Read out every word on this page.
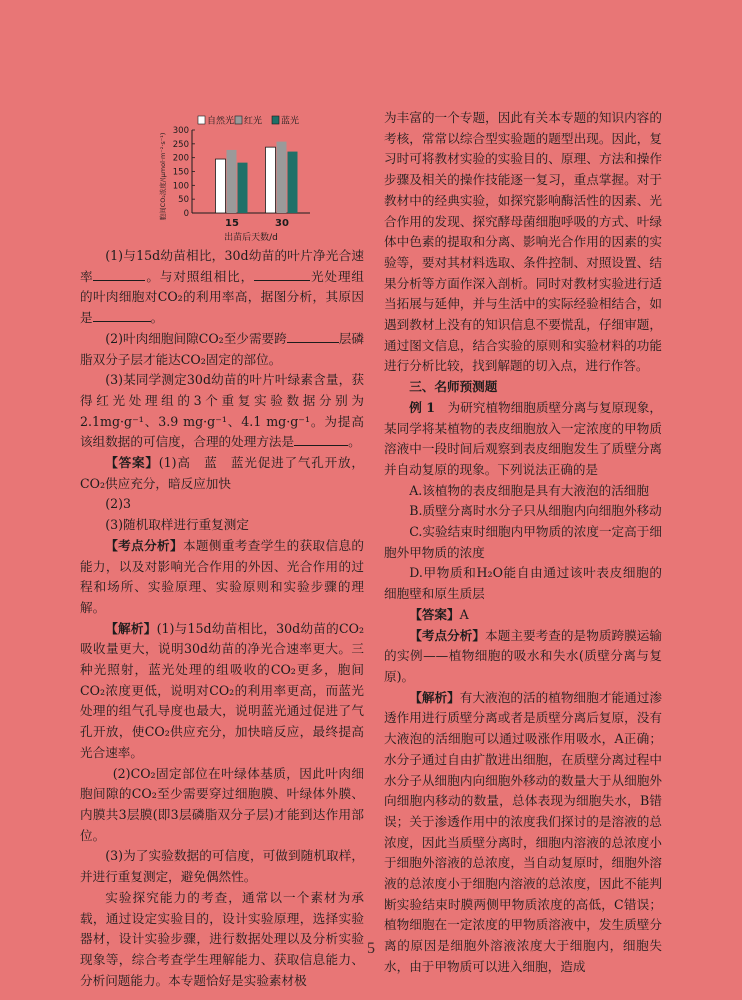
0
50
100
150
200
250
300
胞间CO₂浓度/(μmol·m⁻²·s⁻¹)
15	30
出苗后天数/d
自然光 红光 蓝光

(1)与15d幼苗相比，30d幼苗的叶片净光合速率	。与对照组相比，	光处理组的叶肉细胞对CO₂的利用率高，据图分析，其原因是	。

(2)叶肉细胞间隙CO₂至少需要跨	层磷脂双分子层才能达CO₂固定的部位。

(3)某同学测定30d幼苗的叶片叶绿素含量，获得红光处理组的3个重复实验数据分别为2.1mg·g⁻¹、3.9 mg·g⁻¹、4.1 mg·g⁻¹。为提高该组数据的可信度，合理的处理方法是	。

【答案】(1)高　蓝　蓝光促进了气孔开放，CO₂供应充分，暗反应加快

(2)3

(3)随机取样进行重复测定

【考点分析】本题侧重考查学生的获取信息的能力，以及对影响光合作用的外因、光合作用的过程和场所、实验原理、实验原则和实验步骤的理解。

【解析】(1)与15d幼苗相比，30d幼苗的CO₂吸收量更大，说明30d幼苗的净光合速率更大。三种光照射，蓝光处理的组吸收的CO₂更多，胞间CO₂浓度更低，说明对CO₂的利用率更高，而蓝光处理的组气孔导度也最大，说明蓝光通过促进了气孔开放，使CO₂供应充分，加快暗反应，最终提高光合速率。

(2)CO₂固定部位在叶绿体基质，因此叶肉细胞间隙的CO₂至少需要穿过细胞膜、叶绿体外膜、内膜共3层膜(即3层磷脂双分子层)才能到达作用部位。

(3)为了实验数据的可信度，可做到随机取样，并进行重复测定，避免偶然性。

实验探究能力的考查，通常以一个素材为承载，通过设定实验目的，设计实验原理，选择实验器材，设计实验步骤，进行数据处理以及分析实验现象等，综合考查学生理解能力、获取信息能力、分析问题能力。本专题恰好是实验素材极

为丰富的一个专题，因此有关本专题的知识内容的考核，常常以综合型实验题的题型出现。因此，复习时可将教材实验的实验目的、原理、方法和操作步骤及相关的操作技能逐一复习，重点掌握。对于教材中的经典实验，如探究影响酶活性的因素、光合作用的发现、探究酵母菌细胞呼吸的方式、叶绿体中色素的提取和分离、影响光合作用的因素的实验等，要对其材料选取、条件控制、对照设置、结果分析等方面作深入剖析。同时对教材实验进行适当拓展与延伸，并与生活中的实际经验相结合，如遇到教材上没有的知识信息不要慌乱，仔细审题，通过图文信息，结合实验的原则和实验材料的功能进行分析比较，找到解题的切入点，进行作答。

三、名师预测题

例 1　 为研究植物细胞质壁分离与复原现象，某同学将某植物的表皮细胞放入一定浓度的甲物质溶液中一段时间后观察到表皮细胞发生了质壁分离并自动复原的现象。下列说法正确的是

A.该植物的表皮细胞是具有大液泡的活细胞

B.质壁分离时水分子只从细胞内向细胞外移动

C.实验结束时细胞内甲物质的浓度一定高于细胞外甲物质的浓度

D.甲物质和H₂O能自由通过该叶表皮细胞的细胞壁和原生质层

【答案】A

【考点分析】本题主要考查的是物质跨膜运输的实例——植物细胞的吸水和失水(质壁分离与复原)。

【解析】有大液泡的活的植物细胞才能通过渗透作用进行质壁分离或者是质壁分离后复原，没有大液泡的活细胞可以通过吸涨作用吸水，A正确；水分子通过自由扩散进出细胞，在质壁分离过程中水分子从细胞内向细胞外移动的数量大于从细胞外向细胞内移动的数量，总体表现为细胞失水，B错误；关于渗透作用中的浓度我们探讨的是溶液的总浓度，因此当质壁分离时，细胞内溶液的总浓度小于细胞外溶液的总浓度，当自动复原时，细胞外溶液的总浓度小于细胞内溶液的总浓度，因此不能判断实验结束时膜两侧甲物质浓度的高低，C错误；植物细胞在一定浓度的甲物质溶液中，发生质壁分离的原因是细胞外溶液浓度大于细胞内，细胞失水，由于甲物质可以进入细胞，造成

5
